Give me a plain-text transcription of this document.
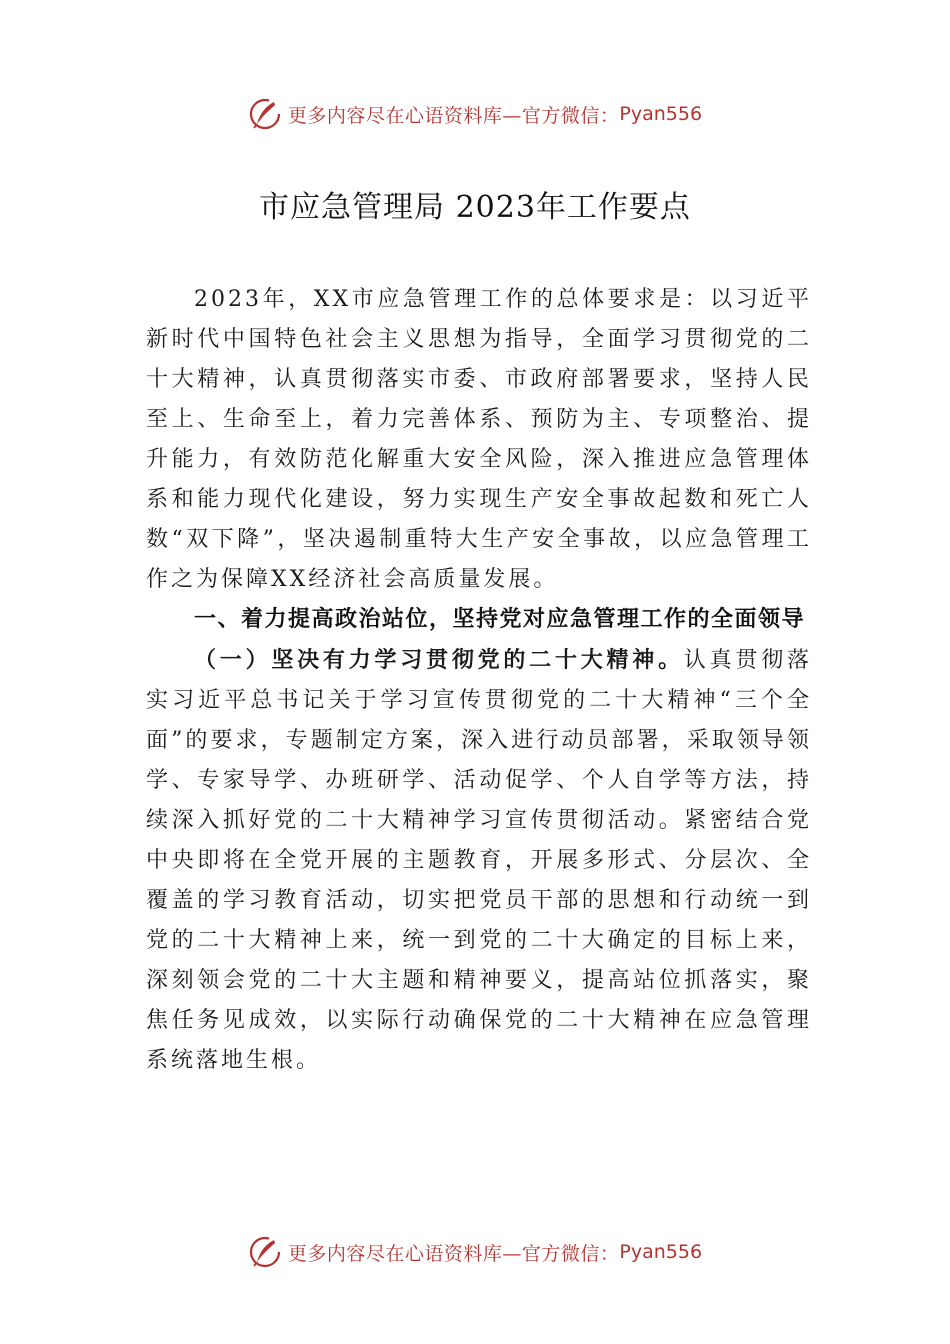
更多内容尽在心语资料库—官方微信： Pyan556
市应急管理局 2023年工作要点

2023年，XX市应急管理工作的总体要求是：以习近平新时代中国特色社会主义思想为指导，全面学习贯彻党的二十大精神，认真贯彻落实市委、市政府部署要求，坚持人民至上、生命至上，着力完善体系、预防为主、专项整治、提升能力，有效防范化解重大安全风险，深入推进应急管理体系和能力现代化建设，努力实现生产安全事故起数和死亡人数“双下降”，坚决遏制重特大生产安全事故，以应急管理工作之为保障XX经济社会高质量发展。

一、着力提高政治站位，坚持党对应急管理工作的全面领导

（一）坚决有力学习贯彻党的二十大精神。认真贯彻落实习近平总书记关于学习宣传贯彻党的二十大精神“三个全面”的要求，专题制定方案，深入进行动员部署，采取领导领学、专家导学、办班研学、活动促学、个人自学等方法，持续深入抓好党的二十大精神学习宣传贯彻活动。紧密结合党中央即将在全党开展的主题教育，开展多形式、分层次、全覆盖的学习教育活动，切实把党员干部的思想和行动统一到党的二十大精神上来，统一到党的二十大确定的目标上来，深刻领会党的二十大主题和精神要义，提高站位抓落实，聚焦任务见成效，以实际行动确保党的二十大精神在应急管理系统落地生根。

更多内容尽在心语资料库—官方微信： Pyan556
